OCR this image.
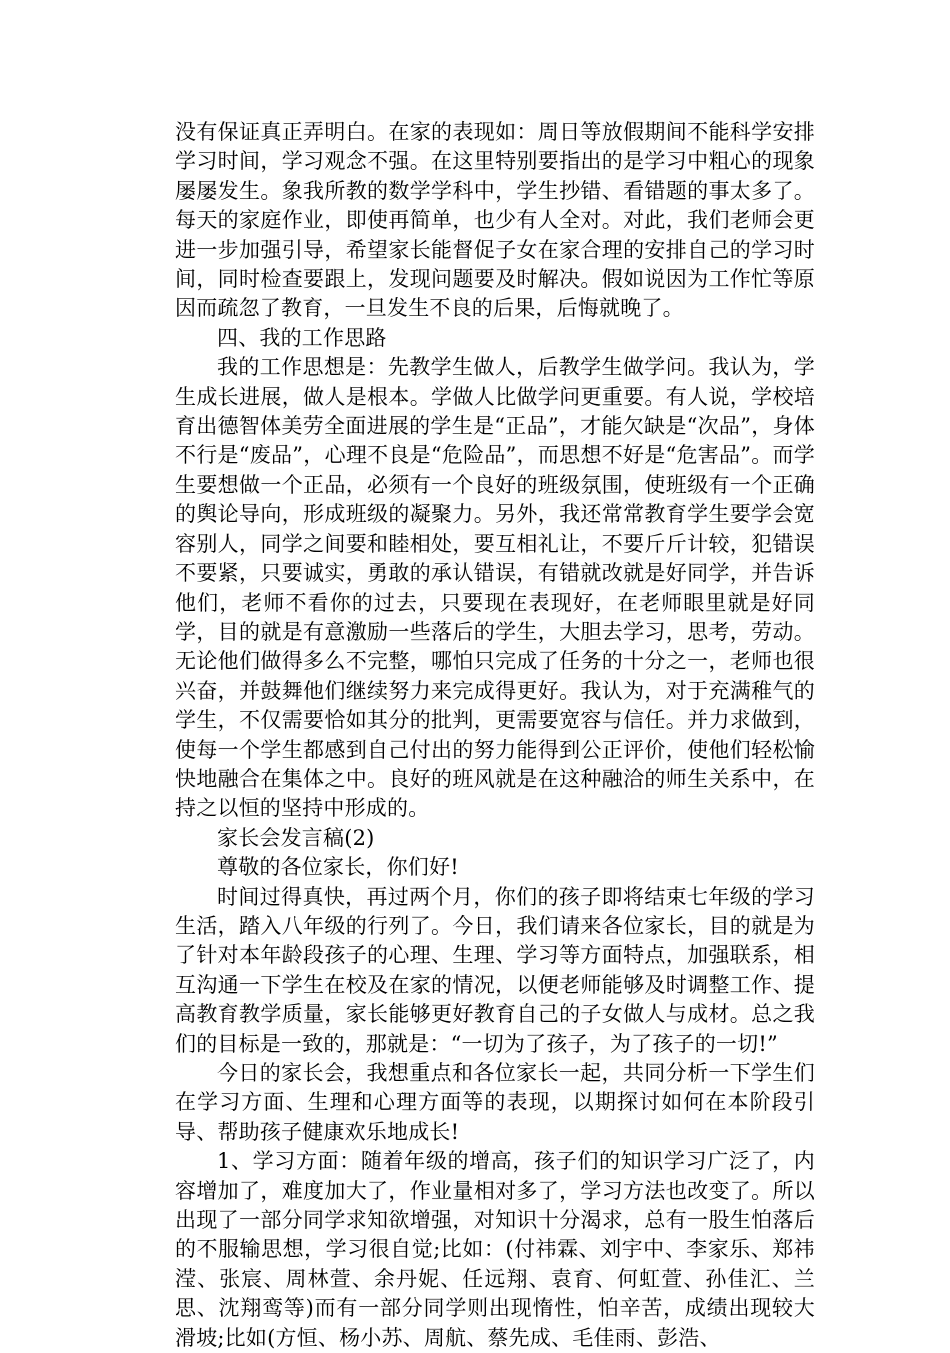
没有保证真正弄明白。在家的表现如：周日等放假期间不能科学安排学习时间，学习观念不强。在这里特别要指出的是学习中粗心的现象屡屡发生。象我所教的数学学科中，学生抄错、看错题的事太多了。每天的家庭作业，即使再简单，也少有人全对。对此，我们老师会更进一步加强引导，希望家长能督促子女在家合理的安排自己的学习时间，同时检查要跟上，发现问题要及时解决。假如说因为工作忙等原因而疏忽了教育，一旦发生不良的后果，后悔就晚了。

四、我的工作思路

我的工作思想是：先教学生做人，后教学生做学问。我认为，学生成长进展，做人是根本。学做人比做学问更重要。有人说，学校培育出德智体美劳全面进展的学生是“正品”，才能欠缺是“次品”，身体不行是“废品”，心理不良是“危险品”，而思想不好是“危害品”。而学生要想做一个正品，必须有一个良好的班级氛围，使班级有一个正确的舆论导向，形成班级的凝聚力。另外，我还常常教育学生要学会宽容别人，同学之间要和睦相处，要互相礼让，不要斤斤计较，犯错误不要紧，只要诚实，勇敢的承认错误，有错就改就是好同学，并告诉他们，老师不看你的过去，只要现在表现好，在老师眼里就是好同学，目的就是有意激励一些落后的学生，大胆去学习，思考，劳动。无论他们做得多么不完整，哪怕只完成了任务的十分之一，老师也很兴奋，并鼓舞他们继续努力来完成得更好。我认为，对于充满稚气的学生，不仅需要恰如其分的批判，更需要宽容与信任。并力求做到，使每一个学生都感到自己付出的努力能得到公正评价，使他们轻松愉快地融合在集体之中。良好的班风就是在这种融洽的师生关系中，在持之以恒的坚持中形成的。

家长会发言稿(2)

尊敬的各位家长，你们好!

时间过得真快，再过两个月，你们的孩子即将结束七年级的学习生活，踏入八年级的行列了。今日，我们请来各位家长，目的就是为了针对本年龄段孩子的心理、生理、学习等方面特点，加强联系，相互沟通一下学生在校及在家的情况，以便老师能够及时调整工作、提高教育教学质量，家长能够更好教育自己的子女做人与成材。总之我们的目标是一致的，那就是：“一切为了孩子，为了孩子的一切!”

今日的家长会，我想重点和各位家长一起，共同分析一下学生们在学习方面、生理和心理方面等的表现，以期探讨如何在本阶段引导、帮助孩子健康欢乐地成长!

1、学习方面：随着年级的增高，孩子们的知识学习广泛了，内容增加了，难度加大了，作业量相对多了，学习方法也改变了。所以出现了一部分同学求知欲增强，对知识十分渴求，总有一股生怕落后的不服输思想，学习很自觉;比如：(付祎霖、刘宇中、李家乐、郑祎滢、张宸、周林萱、余丹妮、任远翔、袁育、何虹萱、孙佳汇、兰思、沈翔鸾等)而有一部分同学则出现惰性，怕辛苦，成绩出现较大滑坡;比如(方恒、杨小苏、周航、蔡先成、毛佳雨、彭浩、
